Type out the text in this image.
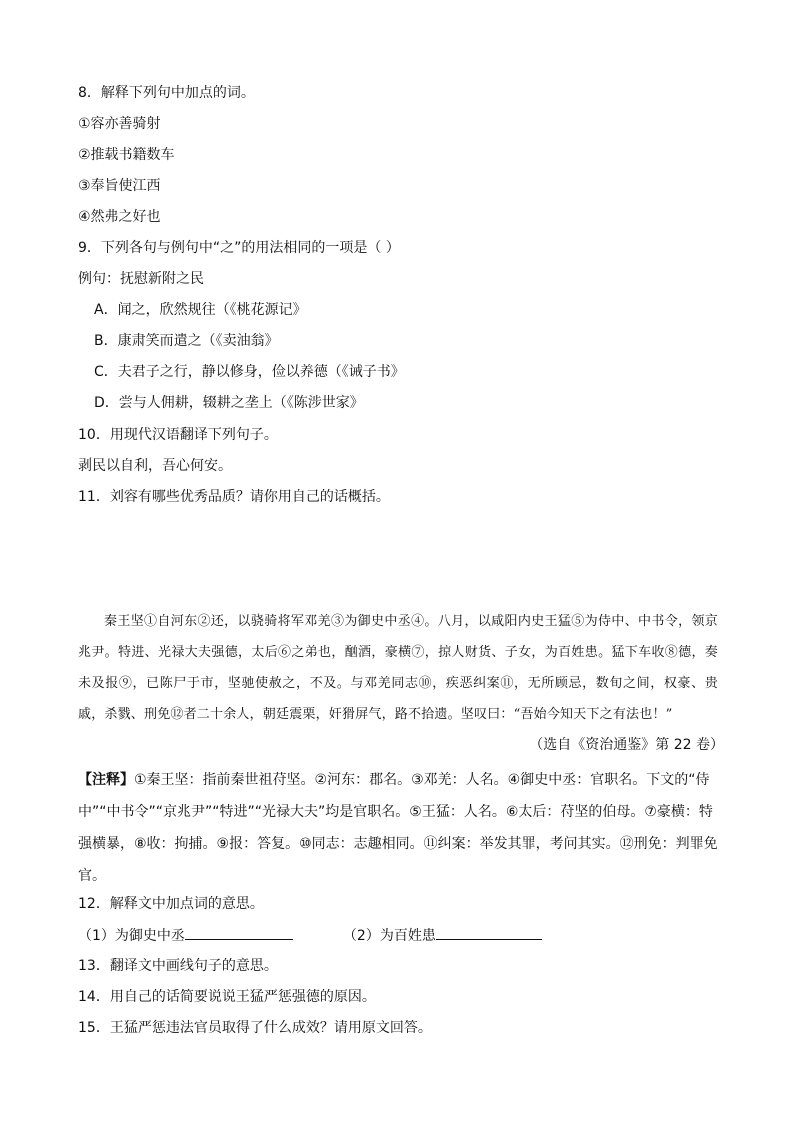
8．解释下列句中加点的词。
①容亦善骑射
②推载书籍数车
③奉旨使江西
④然弗之好也
9．下列各句与例句中“之”的用法相同的一项是（ ）
例句：抚慰新附之民
A．闻之，欣然规往（《桃花源记》
B．康肃笑而遣之（《卖油翁》
C．夫君子之行，静以修身，俭以养德（《诫子书》
D．尝与人佣耕，辍耕之垄上（《陈涉世家》
10．用现代汉语翻译下列句子。
剥民以自利，吾心何安。
11．刘容有哪些优秀品质？请你用自己的话概括。

秦王坚①自河东②还，以骁骑将军邓羌③为御史中丞④。八月，以咸阳内史王猛⑤为侍中、中书令，领京兆尹。特进、光禄大夫强德，太后⑥之弟也，酗酒，豪横⑦，掠人财货、子女，为百姓患。猛下车收⑧德，奏未及报⑨，已陈尸于市，坚驰使赦之，不及。与邓羌同志⑩，疾恶纠案⑪，无所顾忌，数旬之间，权豪、贵戚，杀戮、刑免⑫者二十余人，朝廷震栗，奸猾屏气，路不拾遗。坚叹曰：“吾始今知天下之有法也！”

（选自《资治通鉴》第 22 卷）
【注释】①秦王坚：指前秦世祖苻坚。②河东：郡名。③邓羌：人名。④御史中丞：官职名。下文的“侍中”“中书令”“京兆尹”“特进”“光禄大夫”均是官职名。⑤王猛：人名。⑥太后：苻坚的伯母。⑦豪横：特强横暴，⑧收：拘捕。⑨报：答复。⑩同志：志趣相同。⑪纠案：举发其罪，考问其实。⑫刑免：判罪免官。
12．解释文中加点词的意思。
（1）为御史中丞	（2）为百姓患
13．翻译文中画线句子的意思。
14．用自己的话简要说说王猛严惩强德的原因。
15．王猛严惩违法官员取得了什么成效？请用原文回答。
